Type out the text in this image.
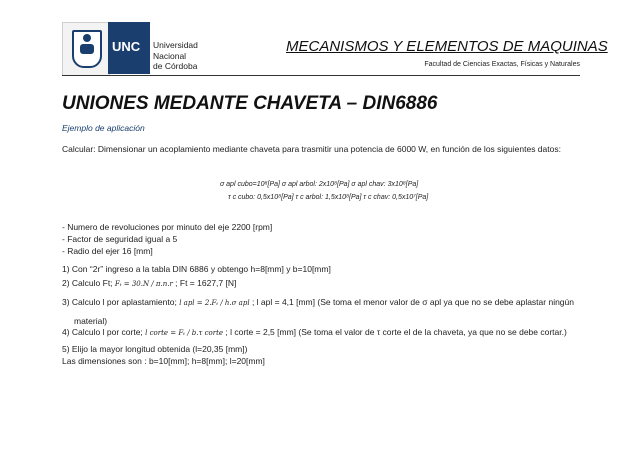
UNC Universidad
Nacional
de Córdoba
MECANISMOS Y ELEMENTOS DE MAQUINAS
Facultad de Ciencias Exactas, Físicas y Naturales
UNIONES MEDANTE CHAVETA – DIN6886
Ejemplo de aplicación
Calcular: Dimensionar un acoplamiento mediante chaveta para trasmitir una potencia de 6000 W, en función de los siguientes datos:
σ apl cubo=10⁸[Pa] σ apl arbol: 2x10⁸[Pa] σ apl chav: 3x10⁸[Pa]
τ c cubo: 0,5x10⁸[Pa] τ c arbol: 1,5x10⁸[Pa] τ c chav: 0,5x10⁷[Pa]
- Numero de revoluciones por minuto del eje 2200 [rpm]
- Factor de seguridad igual a 5
- Radio del ejer 16 [mm]
1) Con “2r” ingreso a la tabla DIN 6886 y obtengo h=8[mm] y b=10[mm]
2) Calculo Ft; Fₜ = 30.N / π.n.r ; Ft = 1627,7 [N]
3) Calculo l por aplastamiento; l apl = 2.Fₜ / h.σ apl ; l apl = 4,1 [mm] (Se toma el menor valor de σ apl ya que no se debe aplastar ningún
material)
4) Calculo l por corte; l corte = Fₜ / b.τ corte ; l corte = 2,5 [mm] (Se toma el valor de τ corte el de la chaveta, ya que no se debe cortar.)
5) Elijo la mayor longitud obtenida (l=20,35 [mm])
Las dimensiones son : b=10[mm]; h=8[mm]; l=20[mm]
